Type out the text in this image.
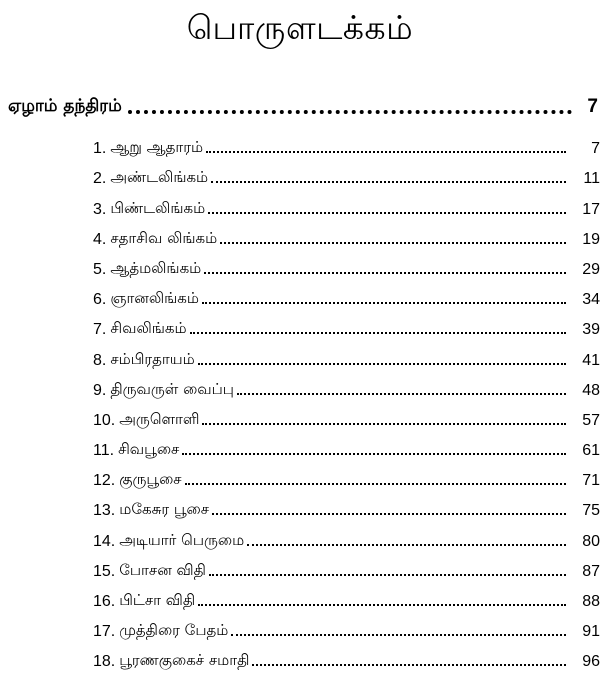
பொருளடக்கம்
ஏழாம் தந்திரம்	7
1. ஆறு ஆதாரம்	7
2. அண்டலிங்கம்	11
3. பிண்டலிங்கம்	17
4. சதாசிவ லிங்கம்	19
5. ஆத்மலிங்கம்	29
6. ஞானலிங்கம்	34
7. சிவலிங்கம்	39
8. சம்பிரதாயம்	41
9. திருவருள் வைப்பு	48
10. அருளொளி	57
11. சிவபூசை	61
12. குருபூசை	71
13. மகேசுர பூசை	75
14. அடியார் பெருமை	80
15. போசன விதி	87
16. பிட்சா விதி	88
17. முத்திரை பேதம்	91
18. பூரணகுகைச் சமாதி	96
